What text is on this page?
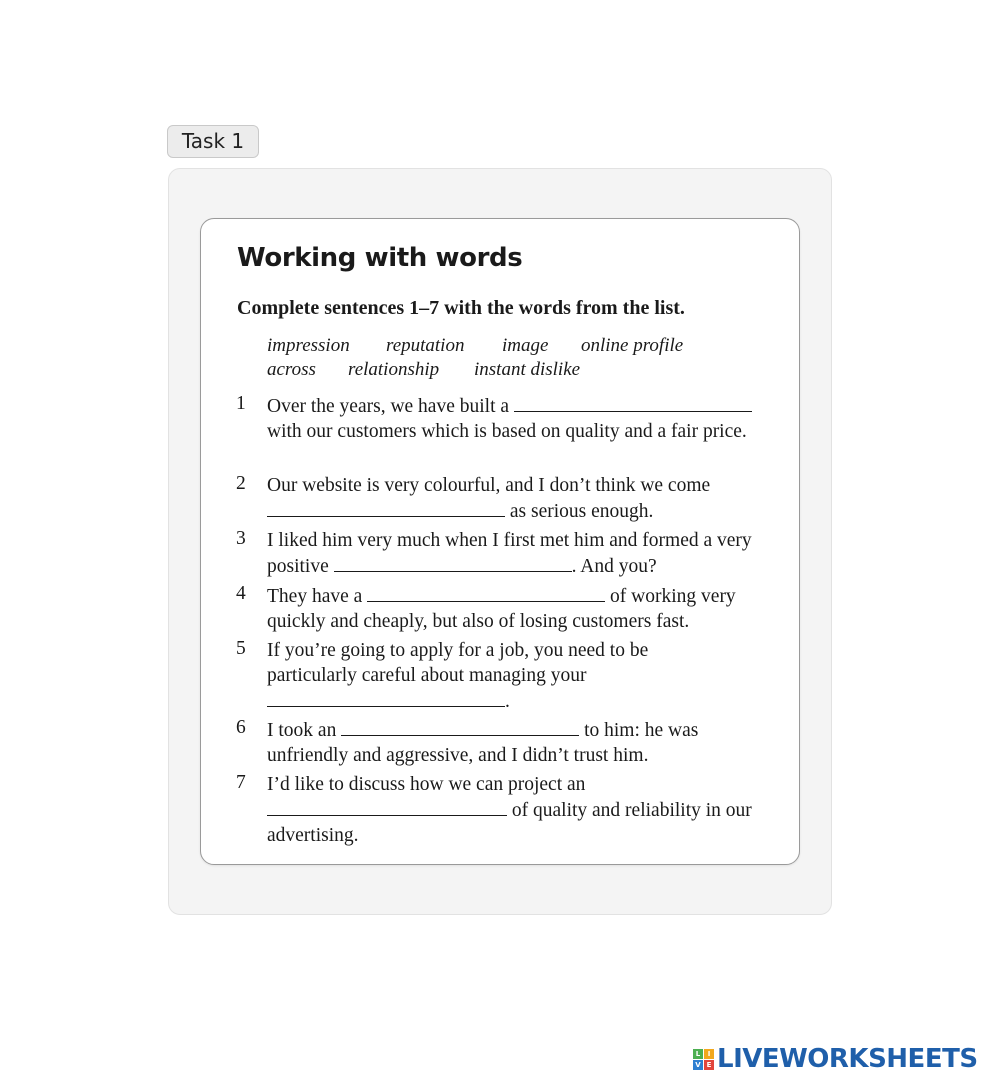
Task 1
Working with words

Complete sentences 1–7 with the words from the list.

impression reputation image online profile
across relationship instant dislike
1 Over the years, we have built a  with our customers which is based on quality and a fair price.
2 Our website is very colourful, and I don’t think we come  as serious enough.
3 I liked him very much when I first met him and formed a very positive	. And you?
4 They have a	of working very quickly and cheaply, but also of losing customers fast.
5 If you’re going to apply for a job, you need to be particularly careful about managing your .
6 I took an	to him: he was unfriendly and aggressive, and I didn’t trust him.
7 I’d like to discuss how we can project an  of quality and reliability in our advertising.
L	I
V E LIVEWORKSHEETS
